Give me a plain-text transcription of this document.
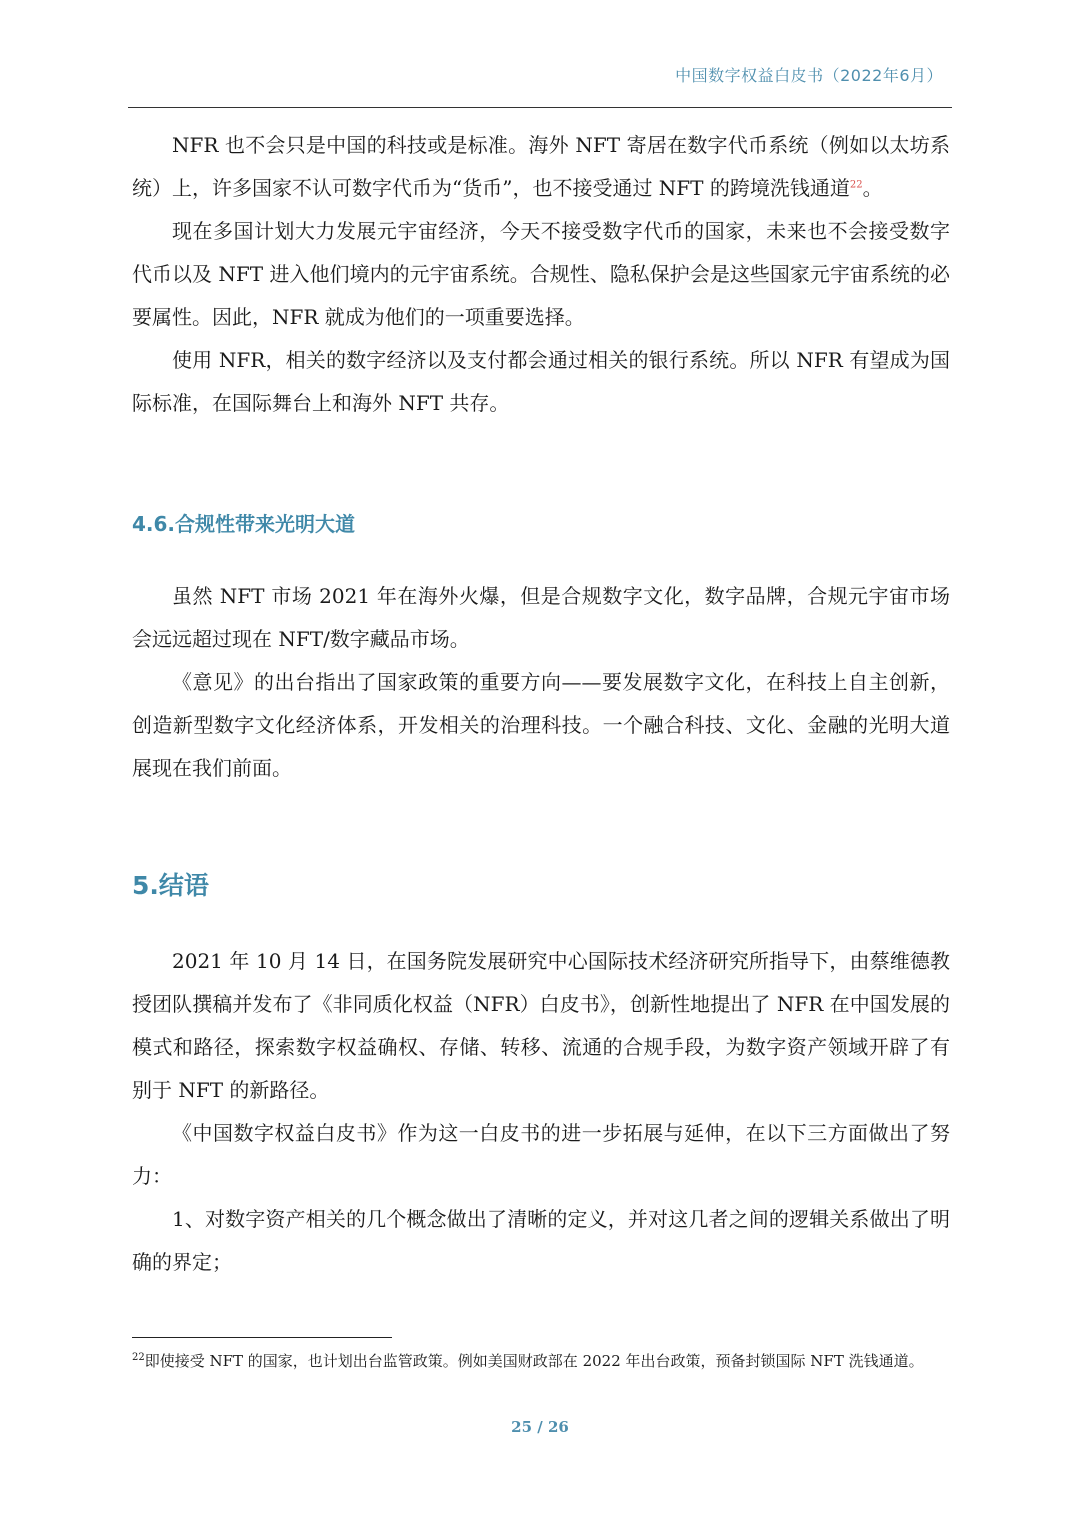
中国数字权益白皮书（2022年6月）

NFR 也不会只是中国的科技或是标准。海外 NFT 寄居在数字代币系统（例如以太坊系统）上，许多国家不认可数字代币为“货币”，也不接受通过 NFT 的跨境洗钱通道$^{22}$。

现在多国计划大力发展元宇宙经济，今天不接受数字代币的国家，未来也不会接受数字代币以及 NFT 进入他们境内的元宇宙系统。合规性、隐私保护会是这些国家元宇宙系统的必要属性。因此，NFR 就成为他们的一项重要选择。

使用 NFR，相关的数字经济以及支付都会通过相关的银行系统。所以 NFR 有望成为国际标准，在国际舞台上和海外 NFT 共存。

4.6.合规性带来光明大道

虽然 NFT 市场 2021 年在海外火爆，但是合规数字文化，数字品牌，合规元宇宙市场会远远超过现在 NFT/数字藏品市场。

《意见》的出台指出了国家政策的重要方向——要发展数字文化，在科技上自主创新，创造新型数字文化经济体系，开发相关的治理科技。一个融合科技、文化、金融的光明大道展现在我们前面。

5.结语

2021 年 10 月 14 日，在国务院发展研究中心国际技术经济研究所指导下，由蔡维德教授团队撰稿并发布了《非同质化权益（NFR）白皮书》，创新性地提出了 NFR 在中国发展的模式和路径，探索数字权益确权、存储、转移、流通的合规手段，为数字资产领域开辟了有别于 NFT 的新路径。

《中国数字权益白皮书》作为这一白皮书的进一步拓展与延伸，在以下三方面做出了努力：

1、对数字资产相关的几个概念做出了清晰的定义，并对这几者之间的逻辑关系做出了明确的界定；

$^{22}$即使接受 NFT 的国家，也计划出台监管政策。例如美国财政部在 2022 年出台政策，预备封锁国际 NFT 洗钱通道。

25 / 26
